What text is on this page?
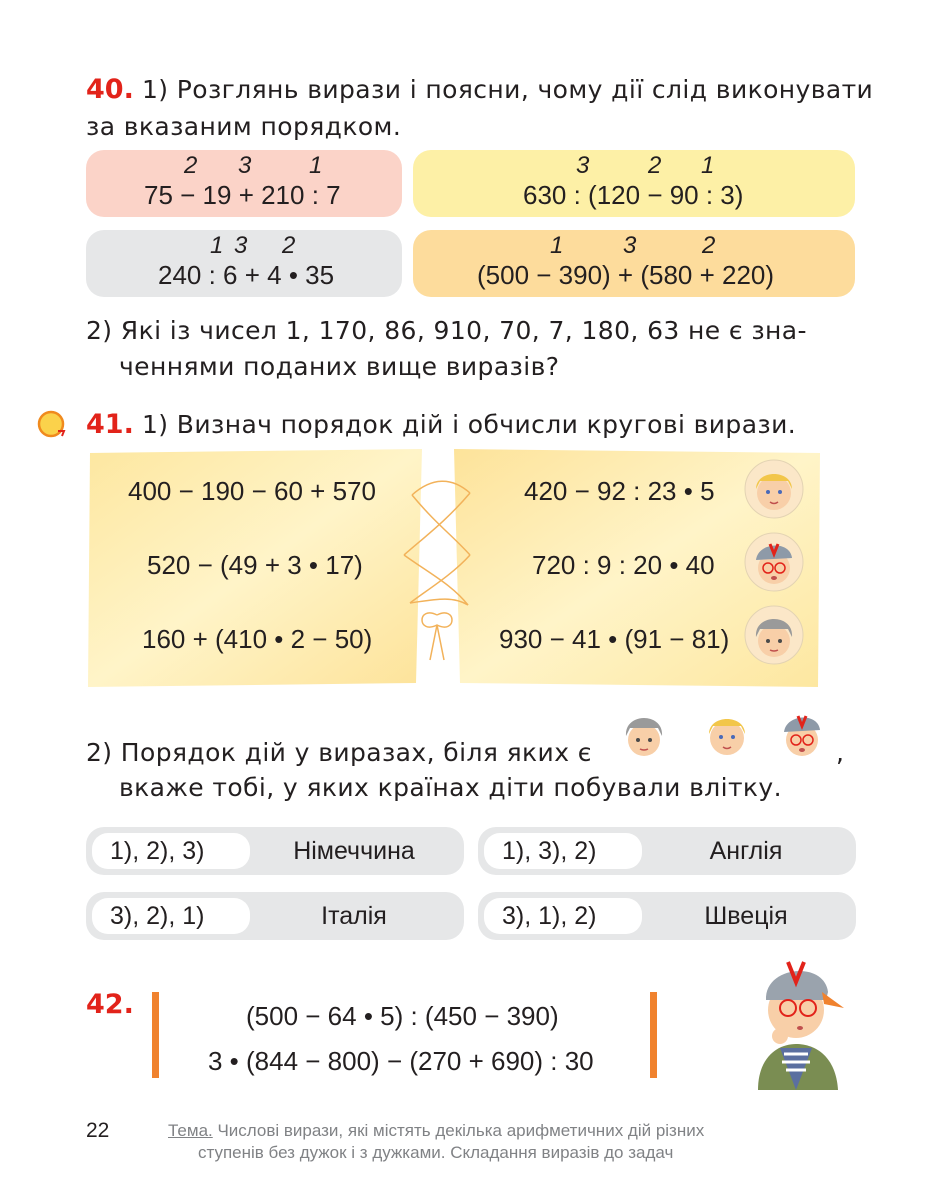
40. 1) Розглянь вирази і поясни, чому дії слід виконувати
за вказаним порядком.
2 3 1
75 − 19 + 210 : 7
3 2 1
630 : (120 − 90 : 3)
1 3 2
240 : 6 + 4 • 35
1 3	2
(500 − 390) + (580 + 220)
2) Які із чисел 1, 170, 86, 910, 70, 7, 180, 63 не є зна-
ченнями поданих вище виразів?
41. 1) Визнач порядок дій і обчисли кругові вирази.
400 − 190 − 60 + 570
520 − (49 + 3 • 17)
160 + (410 • 2 − 50)
420 − 92 : 23 • 5
720 : 9 : 20 • 40
930 − 41 • (91 − 81)
2) Порядок дій у виразах, біля яких є	,
вкаже тобі, у яких країнах діти побували влітку.
1), 2), 3)	Німеччина	1), 3), 2)	Англія
3), 2), 1)	Італія	3), 1), 2)	Швеція
42.	(500 − 64 • 5) : (450 − 390)
3 • (844 − 800) − (270 + 690) : 30
22	Тема. Числові вирази, які містять декілька арифметичних дій різних
ступенів без дужок і з дужками. Складання виразів до задач
